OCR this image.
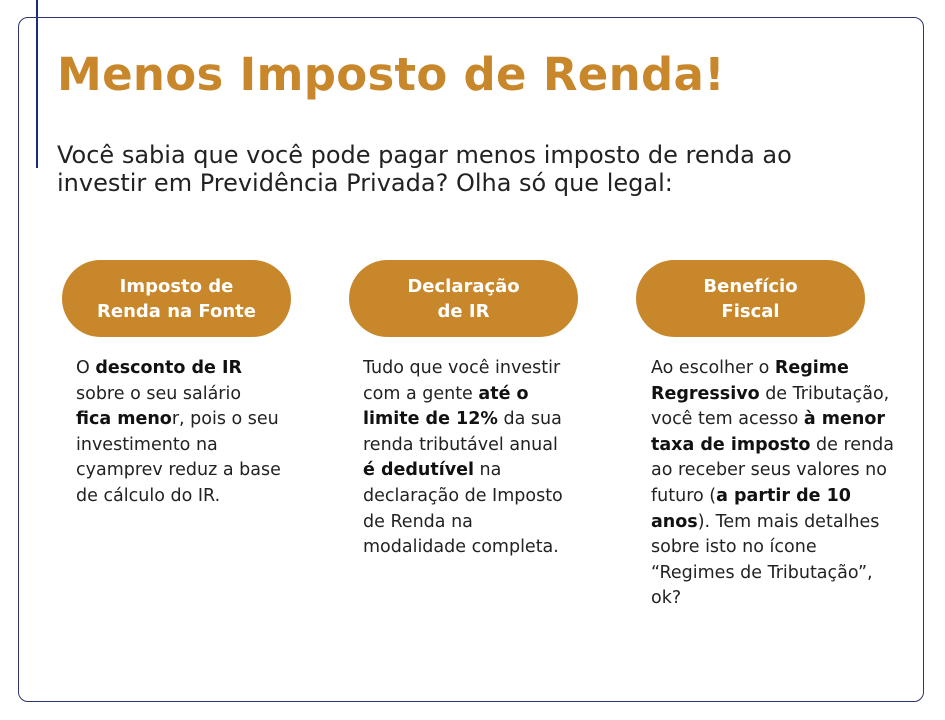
Menos Imposto de Renda!

Você sabia que você pode pagar menos imposto de renda ao
investir em Previdência Privada? Olha só que legal:

Imposto de
Renda na Fonte

O desconto de IR sobre o seu salário fica menor, pois o seu investimento na cyamprev reduz a base de cálculo do IR.

Declaração
de IR

Tudo que você investir com a gente até o limite de 12% da sua renda tributável anual é dedutível na declaração de Imposto de Renda na modalidade completa.

Benefício
Fiscal

Ao escolher o Regime Regressivo de Tributação, você tem acesso à menor taxa de imposto de renda ao receber seus valores no futuro (a partir de 10 anos). Tem mais detalhes sobre isto no ícone “Regimes de Tributação”, ok?
